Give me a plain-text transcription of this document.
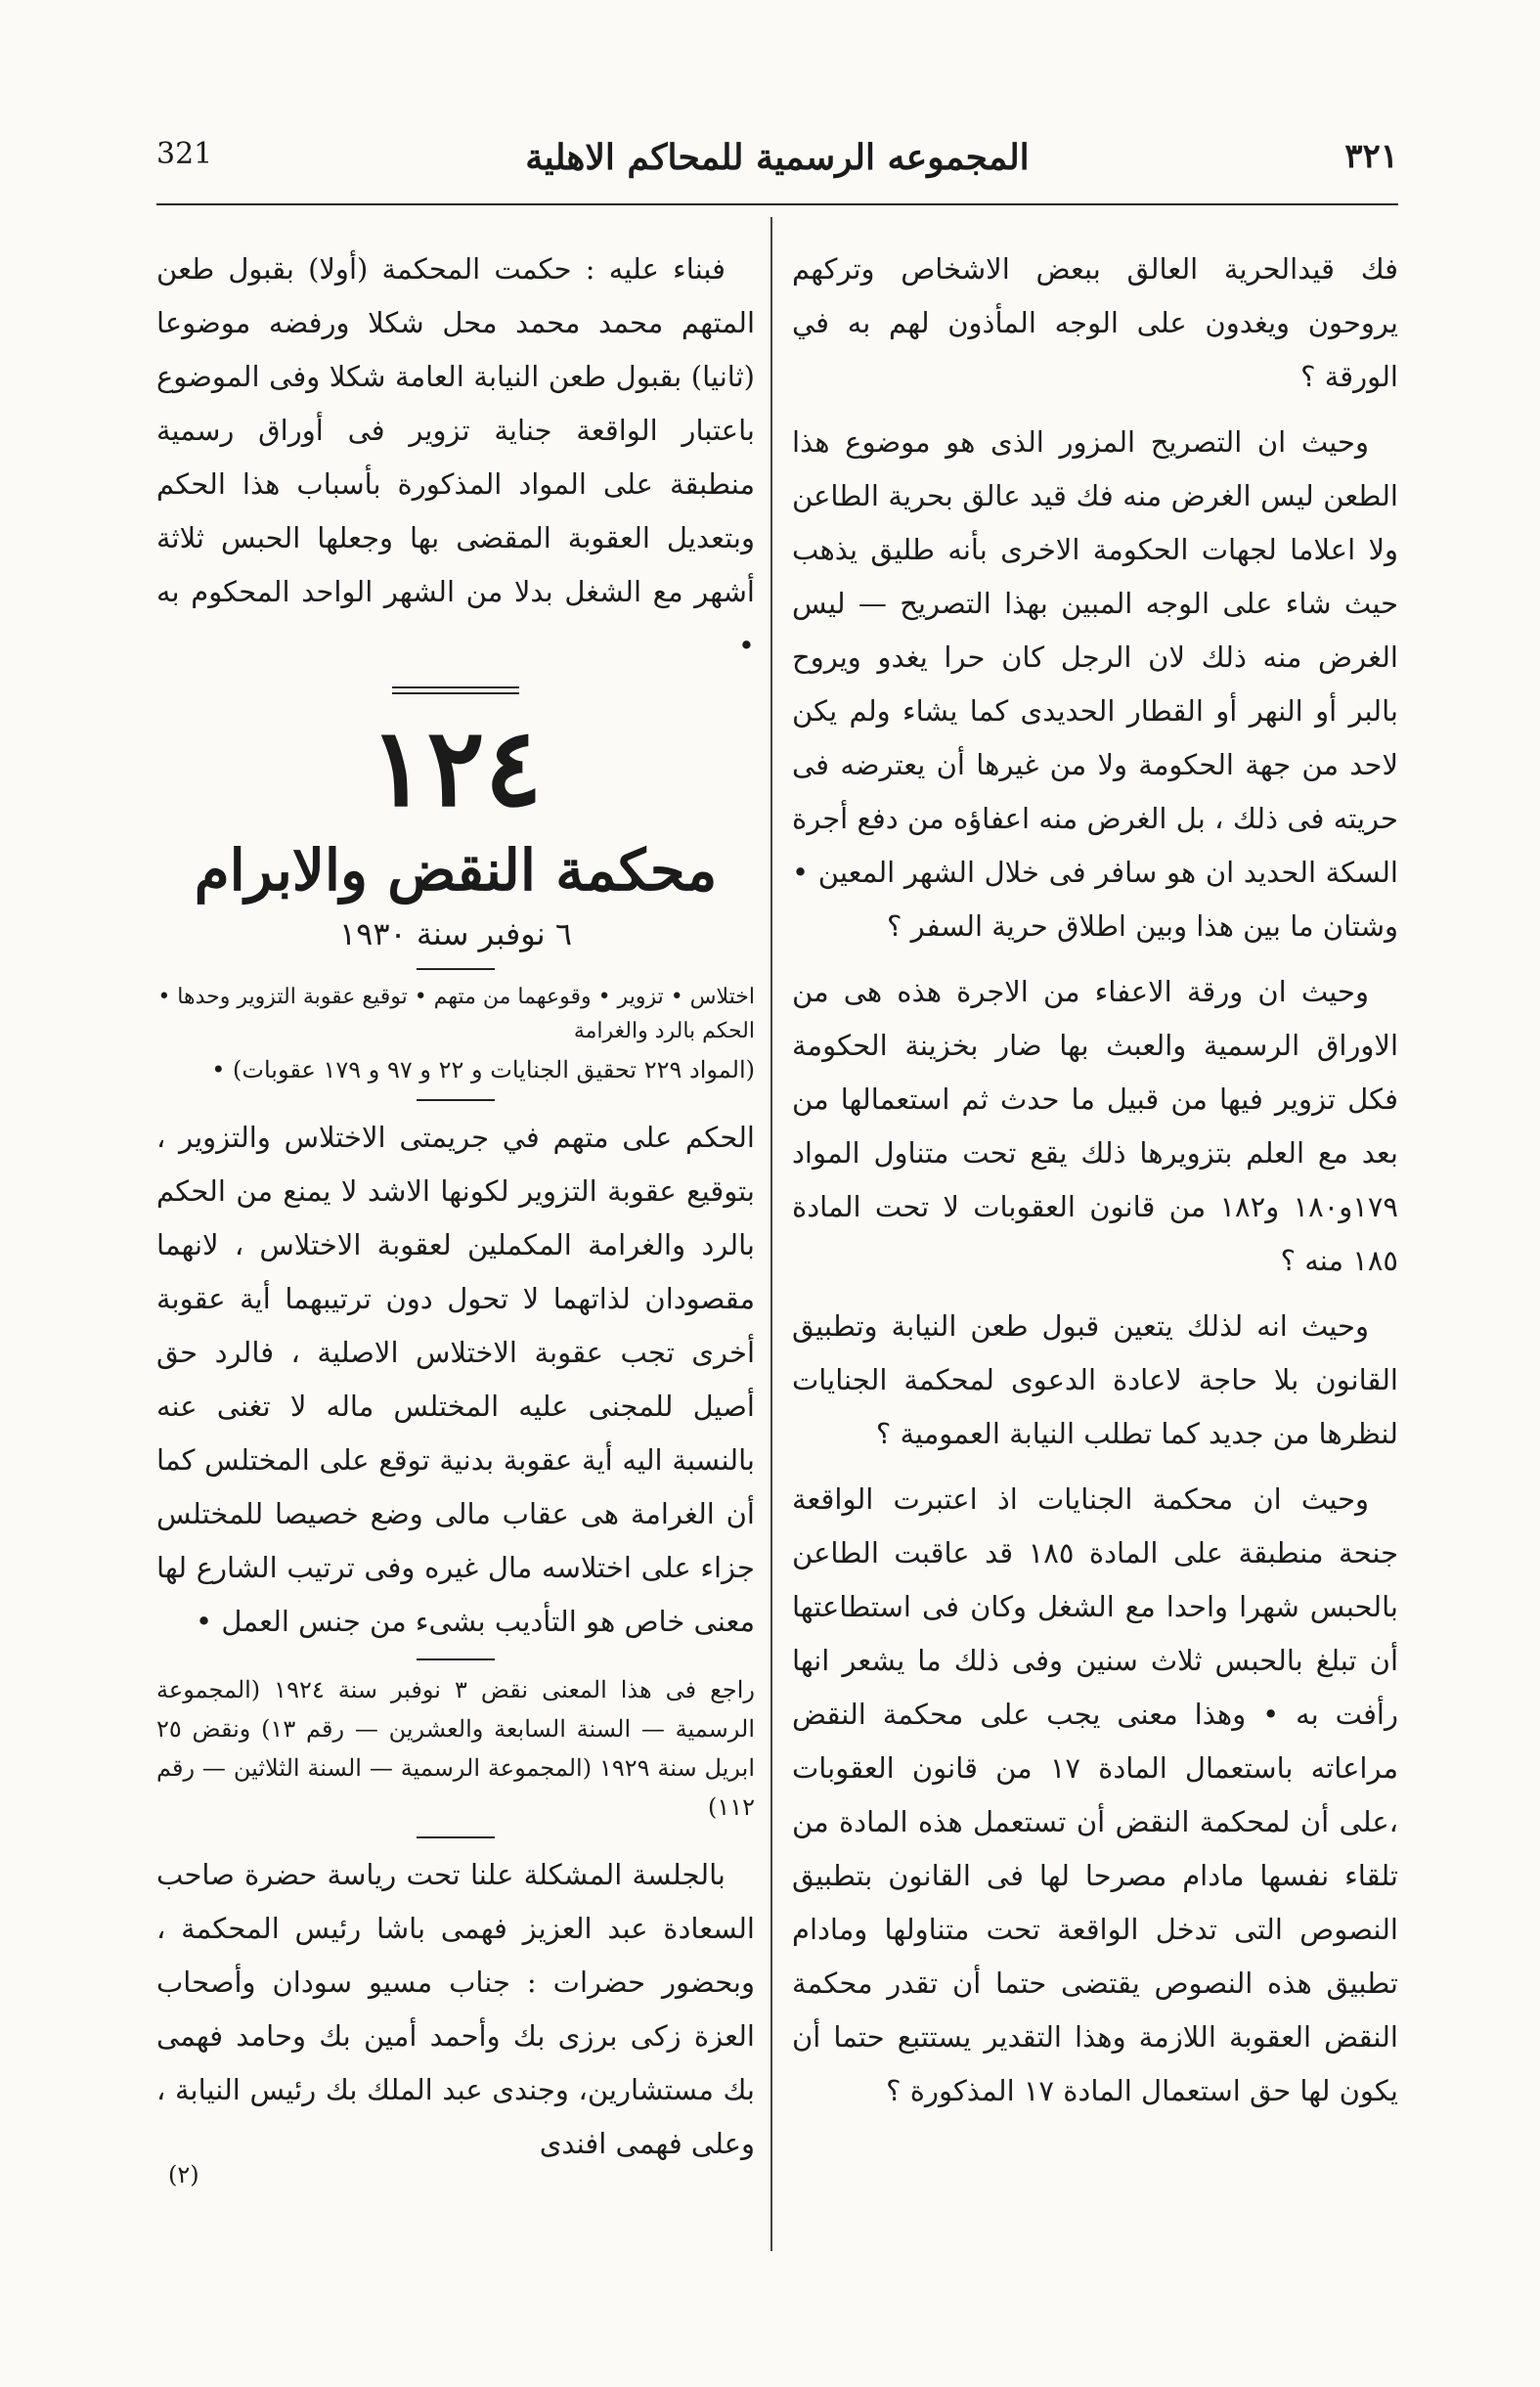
٣٢١
المجموعه الرسمية للمحاكم الاهلية
321

فك قيدالحرية العالق ببعض الاشخاص وتركهم يروحون ويغدون على الوجه المأذون لهم به في الورقة ؟

وحيث ان التصريح المزور الذى هو موضوع هذا الطعن ليس الغرض منه فك قيد عالق بحرية الطاعن ولا اعلاما لجهات الحكومة الاخرى بأنه طليق يذهب حيث شاء على الوجه المبين بهذا التصريح — ليس الغرض منه ذلك لان الرجل كان حرا يغدو ويروح بالبر أو النهر أو القطار الحديدى كما يشاء ولم يكن لاحد من جهة الحكومة ولا من غيرها أن يعترضه فى حريته فى ذلك ، بل الغرض منه اعفاؤه من دفع أجرة السكة الحديد ان هو سافر فى خلال الشهر المعين • وشتان ما بين هذا وبين اطلاق حرية السفر ؟

وحيث ان ورقة الاعفاء من الاجرة هذه هى من الاوراق الرسمية والعبث بها ضار بخزينة الحكومة فكل تزوير فيها من قبيل ما حدث ثم استعمالها من بعد مع العلم بتزويرها ذلك يقع تحت متناول المواد ١٧٩و١٨٠ و١٨٢ من قانون العقوبات لا تحت المادة ١٨٥ منه ؟

وحيث انه لذلك يتعين قبول طعن النيابة وتطبيق القانون بلا حاجة لاعادة الدعوى لمحكمة الجنايات لنظرها من جديد كما تطلب النيابة العمومية ؟

وحيث ان محكمة الجنايات اذ اعتبرت الواقعة جنحة منطبقة على المادة ١٨٥ قد عاقبت الطاعن بالحبس شهرا واحدا مع الشغل وكان فى استطاعتها أن تبلغ بالحبس ثلاث سنين وفى ذلك ما يشعر انها رأفت به • وهذا معنى يجب على محكمة النقض مراعاته باستعمال المادة ١٧ من قانون العقوبات ،على أن لمحكمة النقض أن تستعمل هذه المادة من تلقاء نفسها مادام مصرحا لها فى القانون بتطبيق النصوص التى تدخل الواقعة تحت متناولها ومادام تطبيق هذه النصوص يقتضى حتما أن تقدر محكمة النقض العقوبة اللازمة وهذا التقدير يستتبع حتما أن يكون لها حق استعمال المادة ١٧ المذكورة ؟

فبناء عليه : حكمت المحكمة (أولا) بقبول طعن المتهم محمد محمد محل شكلا ورفضه موضوعا (ثانيا) بقبول طعن النيابة العامة شكلا وفى الموضوع باعتبار الواقعة جناية تزوير فى أوراق رسمية منطبقة على المواد المذكورة بأسباب هذا الحكم وبتعديل العقوبة المقضى بها وجعلها الحبس ثلاثة أشهر مع الشغل بدلا من الشهر الواحد المحكوم به •

١٢٤

محكمة النقض والابرام

٦ نوفبر سنة ١٩٣٠

اختلاس • تزوير • وقوعهما من متهم • توقيع عقوبة التزوير وحدها •

الحكم بالرد والغرامة

(المواد ٢٢٩ تحقيق الجنايات و ٢٢ و ٩٧ و ١٧٩ عقوبات) •

الحكم على متهم في جريمتى الاختلاس والتزوير ، بتوقيع عقوبة التزوير لكونها الاشد لا يمنع من الحكم بالرد والغرامة المكملين لعقوبة الاختلاس ، لانهما مقصودان لذاتهما لا تحول دون ترتيبهما أية عقوبة أخرى تجب عقوبة الاختلاس الاصلية ، فالرد حق أصيل للمجنى عليه المختلس ماله لا تغنى عنه بالنسبة اليه أية عقوبة بدنية توقع على المختلس كما أن الغرامة هى عقاب مالى وضع خصيصا للمختلس جزاء على اختلاسه مال غيره وفى ترتيب الشارع لها معنى خاص هو التأديب بشىء من جنس العمل •

راجع فى هذا المعنى نقض ٣ نوفبر سنة ١٩٢٤ (المجموعة الرسمية — السنة السابعة والعشرين — رقم ١٣) ونقض ٢٥ ابريل سنة ١٩٢٩ (المجموعة الرسمية — السنة الثلاثين — رقم ١١٢)

بالجلسة المشكلة علنا تحت رياسة حضرة صاحب السعادة عبد العزيز فهمى باشا رئيس المحكمة ، وبحضور حضرات : جناب مسيو سودان وأصحاب العزة زكى برزى بك وأحمد أمين بك وحامد فهمى بك مستشارين، وجندى عبد الملك بك رئيس النيابة ، وعلى فهمى افندى

(٢)
